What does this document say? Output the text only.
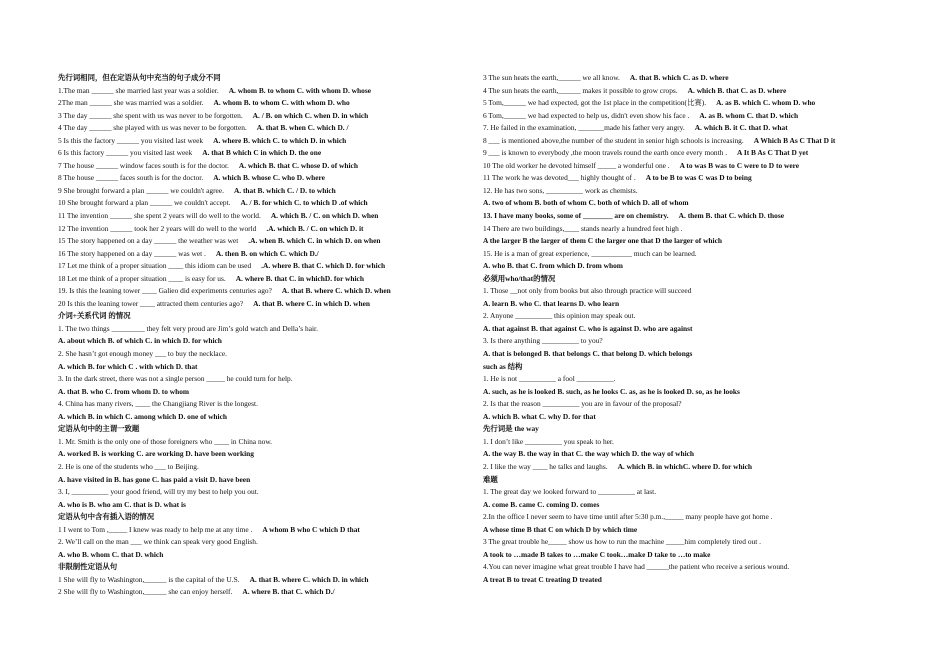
先行词相同，但在定语从句中充当的句子成分不同
1.The man ______ she married last year was a soldier. A. whom B. to whom C. with whom D. whose
2The man ______ she was married was a soldier. A. whom B. to whom C. with whom D. who
3 The day ______ she spent with us was never to be forgotten. A. / B. on which C. when D. in which
4 The day ______ she played with us was never to be forgotten. A. that B. when C. which D. /
5 Is this the factory ______ you visited last week A. where B. which C. to which D. in which
6 Is this factory ______ you visited last week A. that B which C in which D. the one
7 The house ______ window faces south is for the doctor. A. which B. that C. whose D. of which
8 The house ______ faces south is for the doctor. A. which B. whose C. who D. where
9 She brought forward a plan ______ we couldn't agree. A. that B. which C. / D. to which
10 She brought forward a plan ______ we couldn't accept. A. / B. for which C. to which D .of which
11 The invention ______ she spent 2 years will do well to the world. A. which B. / C. on which D. when
12 The invention ______ took her 2 years will do well to the world .A. which B. / C. on which D. it
15 The story happened on a day ______ the weather was wet .A. when B. which C. in which D. on when
16 The story happened on a day ______ was wet . A. then B. on which C. which D./
17 Let me think of a proper situation ____ this idiom can be used .A. where B. that C. which D. for which
18 Let me think of a proper situation ____ is easy for us. A. where B. that C. in whichD. for which
19. Is this the leaning tower ____ Galieo did experiments centuries ago? A. that B. where C. which D. when
20 Is this the leaning tower ____ attracted them centuries ago? A. that B. where C. in which D. when
介词+关系代词 的情况
1. The two things _________ they felt very proud are Jim’s gold watch and Della’s hair.
A. about which B. of which C. in which D. for which
2. She hasn’t got enough money ___ to buy the necklace.
A. which B. for which C . with which D. that
3. In the dark street, there was not a single person _____ he could turn for help.
A. that B. who C. from whom D. to whom
4. China has many rivers, ____ the Changjiang River is the longest.
A. which B. in which C. among which D. one of which
定语从句中的主谓一致题
1. Mr. Smith is the only one of those foreigners who ____ in China now.
A. worked B. is working C. are working D. have been working
2. He is one of the students who ___ to Beijing.
A. have visited in B. has gone C. has paid a visit D. have been
3. I, __________ your good friend, will try my best to help you out.
A. who is B. who am C. that is D. what is
定语从句中含有插入语的情况
1 I went to Tom ,_____ I knew was ready to help me at any time . A whom B who C which D that
2. We’ll call on the man ___ we think can speak very good English.
A. who B. whom C. that D. which
非限制性定语从句
1 She will fly to Washington,______ is the capital of the U.S. A. that B. where C. which D. in which
2 She will fly to Washington,______ she can enjoy herself. A. where B. that C. which D./
3 The sun heats the earth,______ we all know. A. that B. which C. as D. where
4 The sun heats the earth,______ makes it possible to grow crops. A. which B. that C. as D. where
5 Tom,______ we had expected, got the 1st place in the competition(比赛). A. as B. which C. whom D. who
6 Tom,______ we had expected to help us, didn't even show his face . A. as B. whom C. that D. which
7. He failed in the examination, _______made his father very angry. A. which B. it C. that D. what
8 ___ is mentioned above,the number of the student in senior high schools is increasing. A Which B As C That D it
9 ___ is known to everybody ,the moon travels round the earth once every month . A It B As C That D yet
10 The old worker he devoted himself _____ a wonderful one . A to was B was to C were to D to were
11 The work he was devoted___ highly thought of . A to be B to was C was D to being
12. He has two sons, __________ work as chemists.
A. two of whom B. both of whom C. both of which D. all of whom
13. I have many books, some of ________ are on chemistry. A. them B. that C. which D. those
14 There are two buildings,____ stands nearly a hundred feet high .
A the larger B the larger of them C the larger one that D the larger of which
15. He is a man of great experience, ___________ much can be learned.
A. who B. that C. from which D. from whom
必须用who/that的情况
1. Those __not only from books but also through practice will succeed
A. learn B. who C. that learns D. who learn
2. Anyone __________ this opinion may speak out.
A. that against B. that against C. who is against D. who are against
3. Is there anything __________ to you?
A. that is belonged B. that belongs C. that belong D. which belongs
such as 结构
1. He is not __________ a fool __________.
A. such, as he is looked B. such, as he looks C. as, as he is looked D. so, as he looks
2. Is that the reason __________ you are in favour of the proposal?
A. which B. what C. why D. for that
先行词是 the way
1. I don’t like __________ you speak to her.
A. the way B. the way in that C. the way which D. the way of which
2. I like the way ____ he talks and laughs. A. which B. in whichC. where D. for which
难题
1. The great day we looked forward to __________ at last.
A. come B. came C. coming D. comes
2.In the office I never seem to have time until after 5:30 p.m.,_____ many people have got home .
A whose time B that C on which D by which time
3 The great trouble he_____ show us how to run the machine _____him completely tired out .
A took to …made B takes to …make C took…make D take to …to make
4.You can never imagine what great trouble I have had ______the patient who receive a serious wound.
A treat B to treat C treating D treated
